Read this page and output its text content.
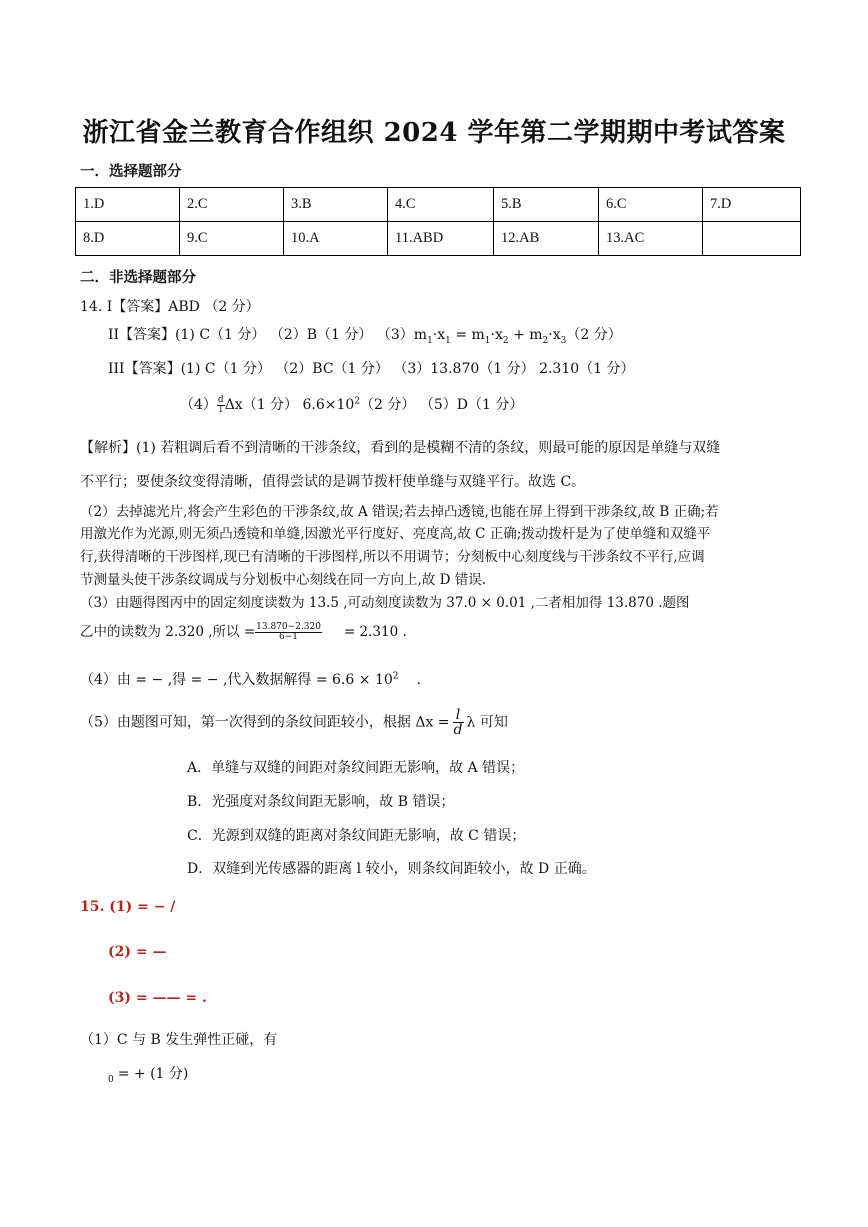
浙江省金兰教育合作组织 2024 学年第二学期期中考试答案
一．选择题部分
1.D	2.C	3.B	4.C	5.B	6.C	7.D
8.D	9.C	10.A	11.ABD	12.AB	13.AC	
二．非选择题部分
14. I【答案】ABD （2 分）
II【答案】(1) C（1 分） （2）B（1 分） $(3)m_1\cdot x_1 = m_1\cdot x_2 + m_2\cdot x_3(2$ 分）
III【答案】(1) C（1 分） （2）BC（1 分） （3）13.870（1 分） 2.310（1 分）
$(4) \frac{d}{l} \Delta x(1$ 分） $6.6\times 10^2(2$ 分） （5）D（1 分）
【解析】(1) 若粗调后看不到清晰的干涉条纹，看到的是模糊不清的条纹，则最可能的原因是单缝与双缝
不平行；要使条纹变得清晰，值得尝试的是调节拨杆使单缝与双缝平行。故选 C。
（2）去掉滤光片,将会产生彩色的干涉条纹,故 A 错误;若去掉凸透镜,也能在屏上得到干涉条纹,故 B 正确;若
用激光作为光源,则无须凸透镜和单缝,因激光平行度好、亮度高,故 C 正确;拨动拨杆是为了使单缝和双缝平
行,获得清晰的干涉图样,现已有清晰的干涉图样,所以不用调节；分刻板中心刻度线与干涉条纹不平行,应调
节测量头使干涉条纹调成与分划板中心刻线在同一方向上,故 D 错误.
（3）由题得图丙中的固定刻度读数为 13.5 ,可动刻度读数为 37.0 × 0.01 ,二者相加得 13.870 .题图
乙中的读数为 2.320 ,所以 = $\frac{13.870-2.320}{6-1} = 2.310$ .
（4）由 = − ,得 = − ,代入数据解得 = $6.6 \times 10^2$ .
（5）由题图可知，第一次得到的条纹间距较小，根据 $\Delta x = \frac{l}{d}$ λ 可知
A．单缝与双缝的间距对条纹间距无影响，故 A 错误；
B．光强度对条纹间距无影响，故 B 错误；
C．光源到双缝的距离对条纹间距无影响，故 C 错误；
D．双缝到光传感器的距离 l 较小，则条纹间距较小，故 D 正确。
15. (1) = − /
(2) = —
(3) = —— = .
（1）C 与 B 发生弹性正碰，有
$_0$ = + (1 分)
